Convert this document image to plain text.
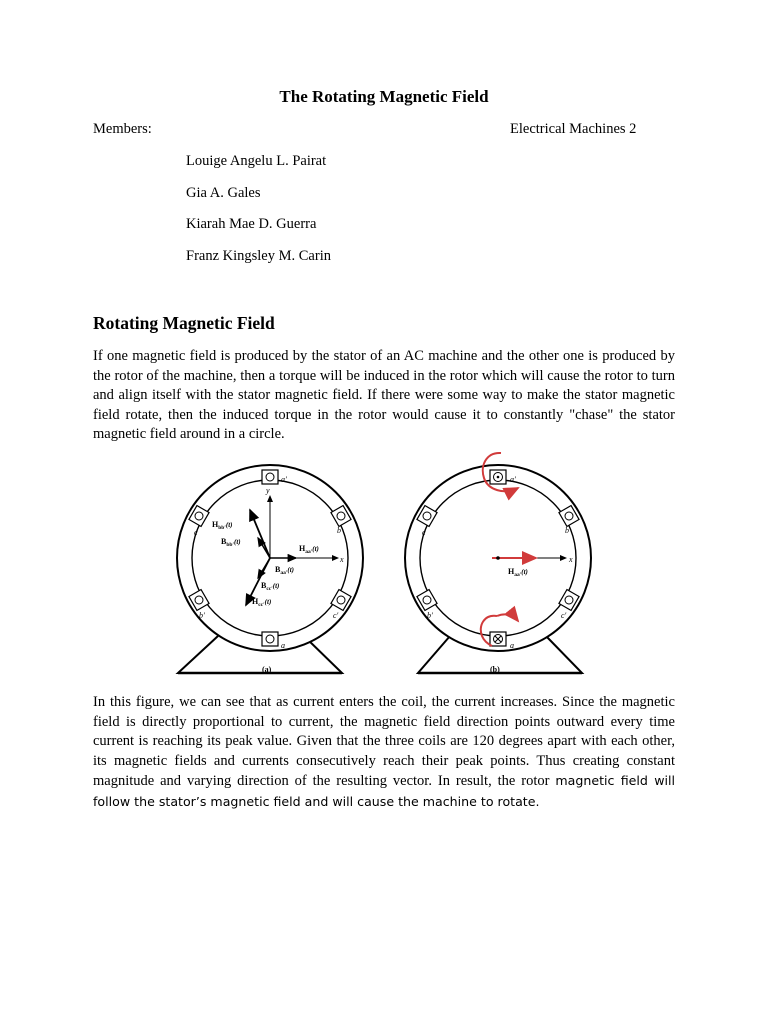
The Rotating Magnetic Field
Members:	Electrical Machines 2
Louige Angelu L. Pairat
Gia A. Gales
Kiarah Mae D. Guerra
Franz Kingsley M. Carin
Rotating Magnetic Field

If one magnetic field is produced by the stator of an AC machine and the other one is produced by the rotor of the machine, then a torque will be induced in the rotor which will cause the rotor to turn and align itself with the stator magnetic field. If there were some way to make the stator magnetic field rotate, then the induced torque in the rotor would cause it to constantly "chase" the stator magnetic field around in a circle.

a′
b
c′
a
b′
c
y
x
$H_{bb'}(t)$
$B_{bb'}(t)$
$H_{aa'}(t)$
$B_{aa'}(t)$
$B_{cc'}(t)$
$H_{cc'}(t)$
(a)
a′
b
c′
a
b′
c
x
$H_{aa'}(t)$
(b)

In this figure, we can see that as current enters the coil, the current increases. Since the magnetic field is directly proportional to current, the magnetic field direction points outward every time current is reaching its peak value. Given that the three coils are 120 degrees apart with each other, its magnetic fields and currents consecutively reach their peak points. Thus creating constant magnitude and varying direction of the resulting vector. In result, the rotor magnetic field will follow the stator’s magnetic field and will cause the machine to rotate.
